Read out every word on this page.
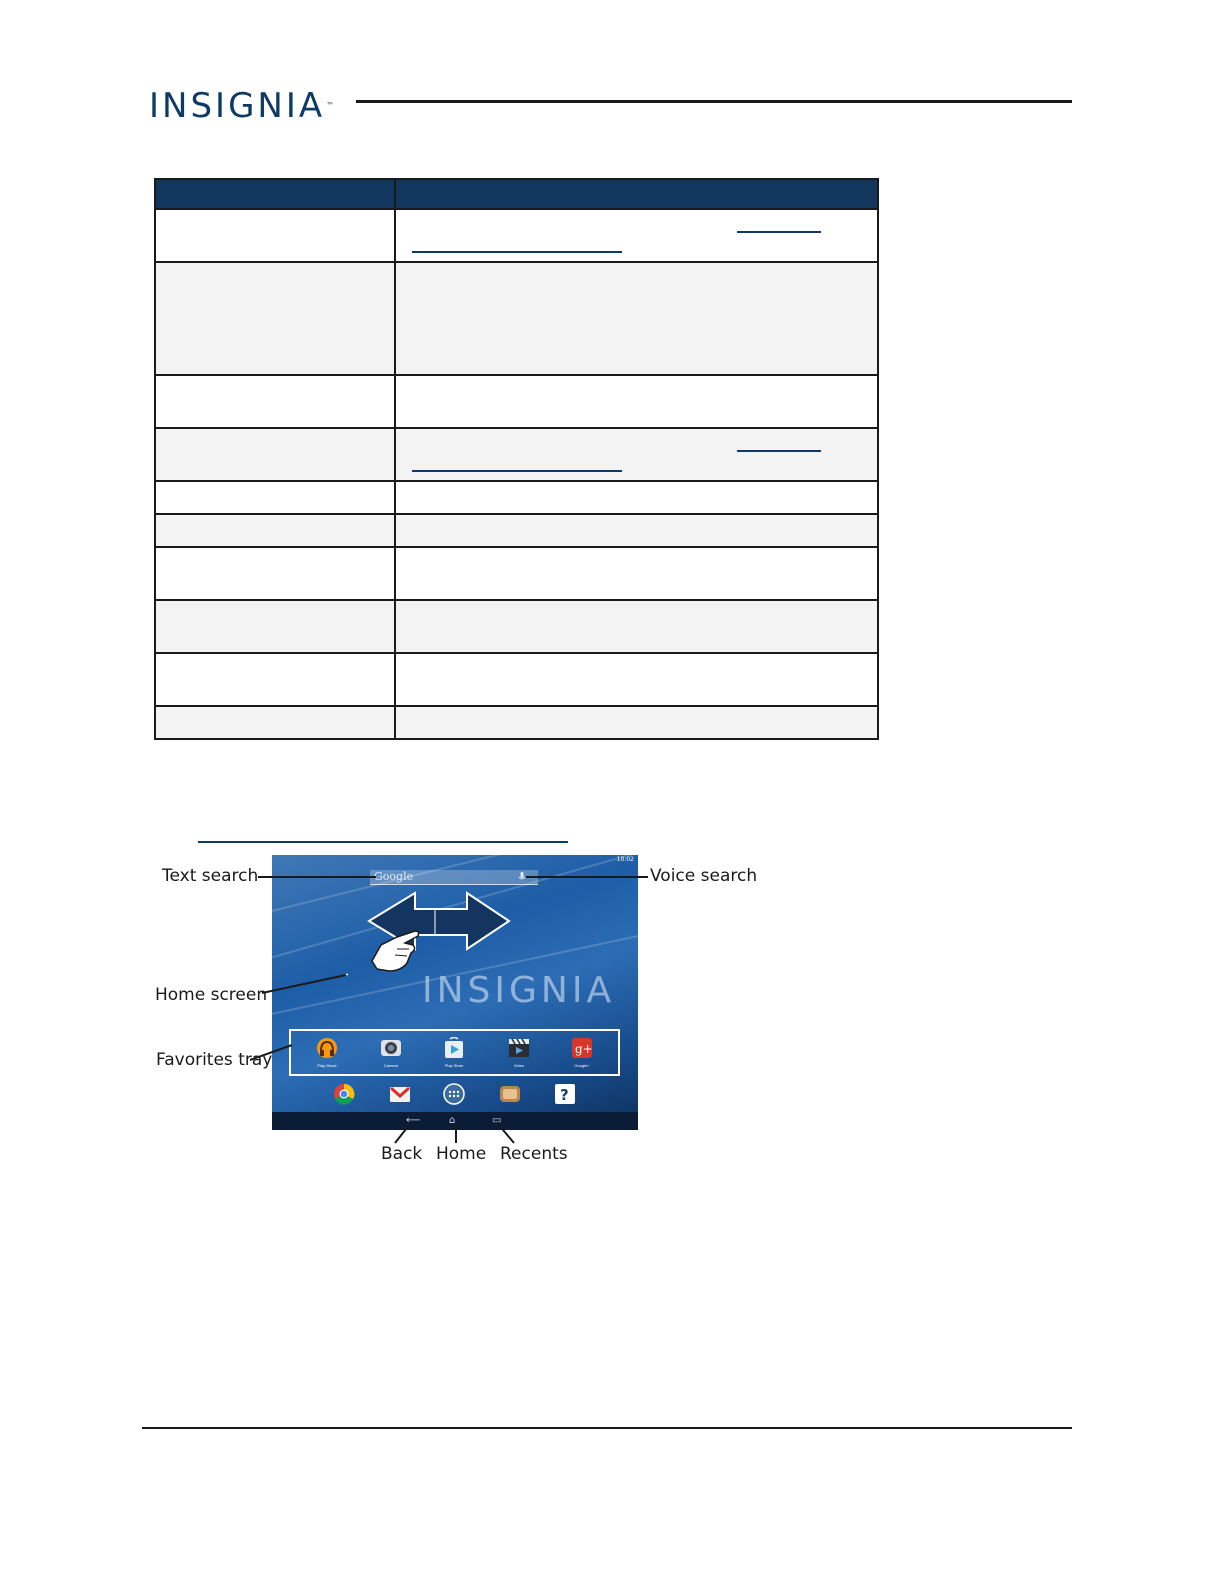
INSIGNIA™

10:02
Google
INSIGNIA
Play Music	Camera	Play Store	Video
g+
Google+
?
⟵	⌂	▭
Text search	Voice search
Home screen
Favorites tray
Back Home Recents
